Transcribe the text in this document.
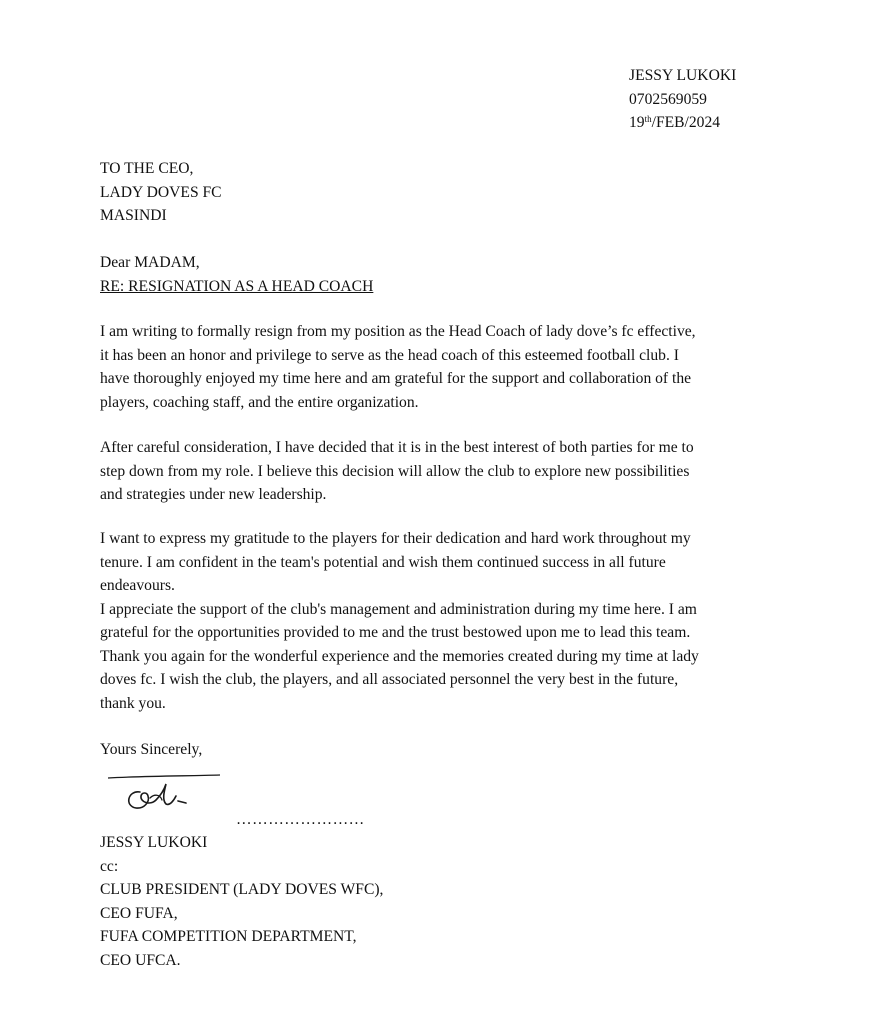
JESSY LUKOKI
0702569059
19th/FEB/2024
TO THE CEO,
LADY DOVES FC
MASINDI
Dear MADAM,
RE: RESIGNATION AS A HEAD COACH
I am writing to formally resign from my position as the Head Coach of lady dove’s fc effective,
it has been an honor and privilege to serve as the head coach of this esteemed football club. I
have thoroughly enjoyed my time here and am grateful for the support and collaboration of the
players, coaching staff, and the entire organization.
After careful consideration, I have decided that it is in the best interest of both parties for me to
step down from my role. I believe this decision will allow the club to explore new possibilities
and strategies under new leadership.
I want to express my gratitude to the players for their dedication and hard work throughout my
tenure. I am confident in the team's potential and wish them continued success in all future
endeavours.
I appreciate the support of the club's management and administration during my time here. I am
grateful for the opportunities provided to me and the trust bestowed upon me to lead this team.
Thank you again for the wonderful experience and the memories created during my time at lady
doves fc. I wish the club, the players, and all associated personnel the very best in the future,
thank you.
Yours Sincerely,
……………………
JESSY LUKOKI
cc:
CLUB PRESIDENT (LADY DOVES WFC),
CEO FUFA,
FUFA COMPETITION DEPARTMENT,
CEO UFCA.
